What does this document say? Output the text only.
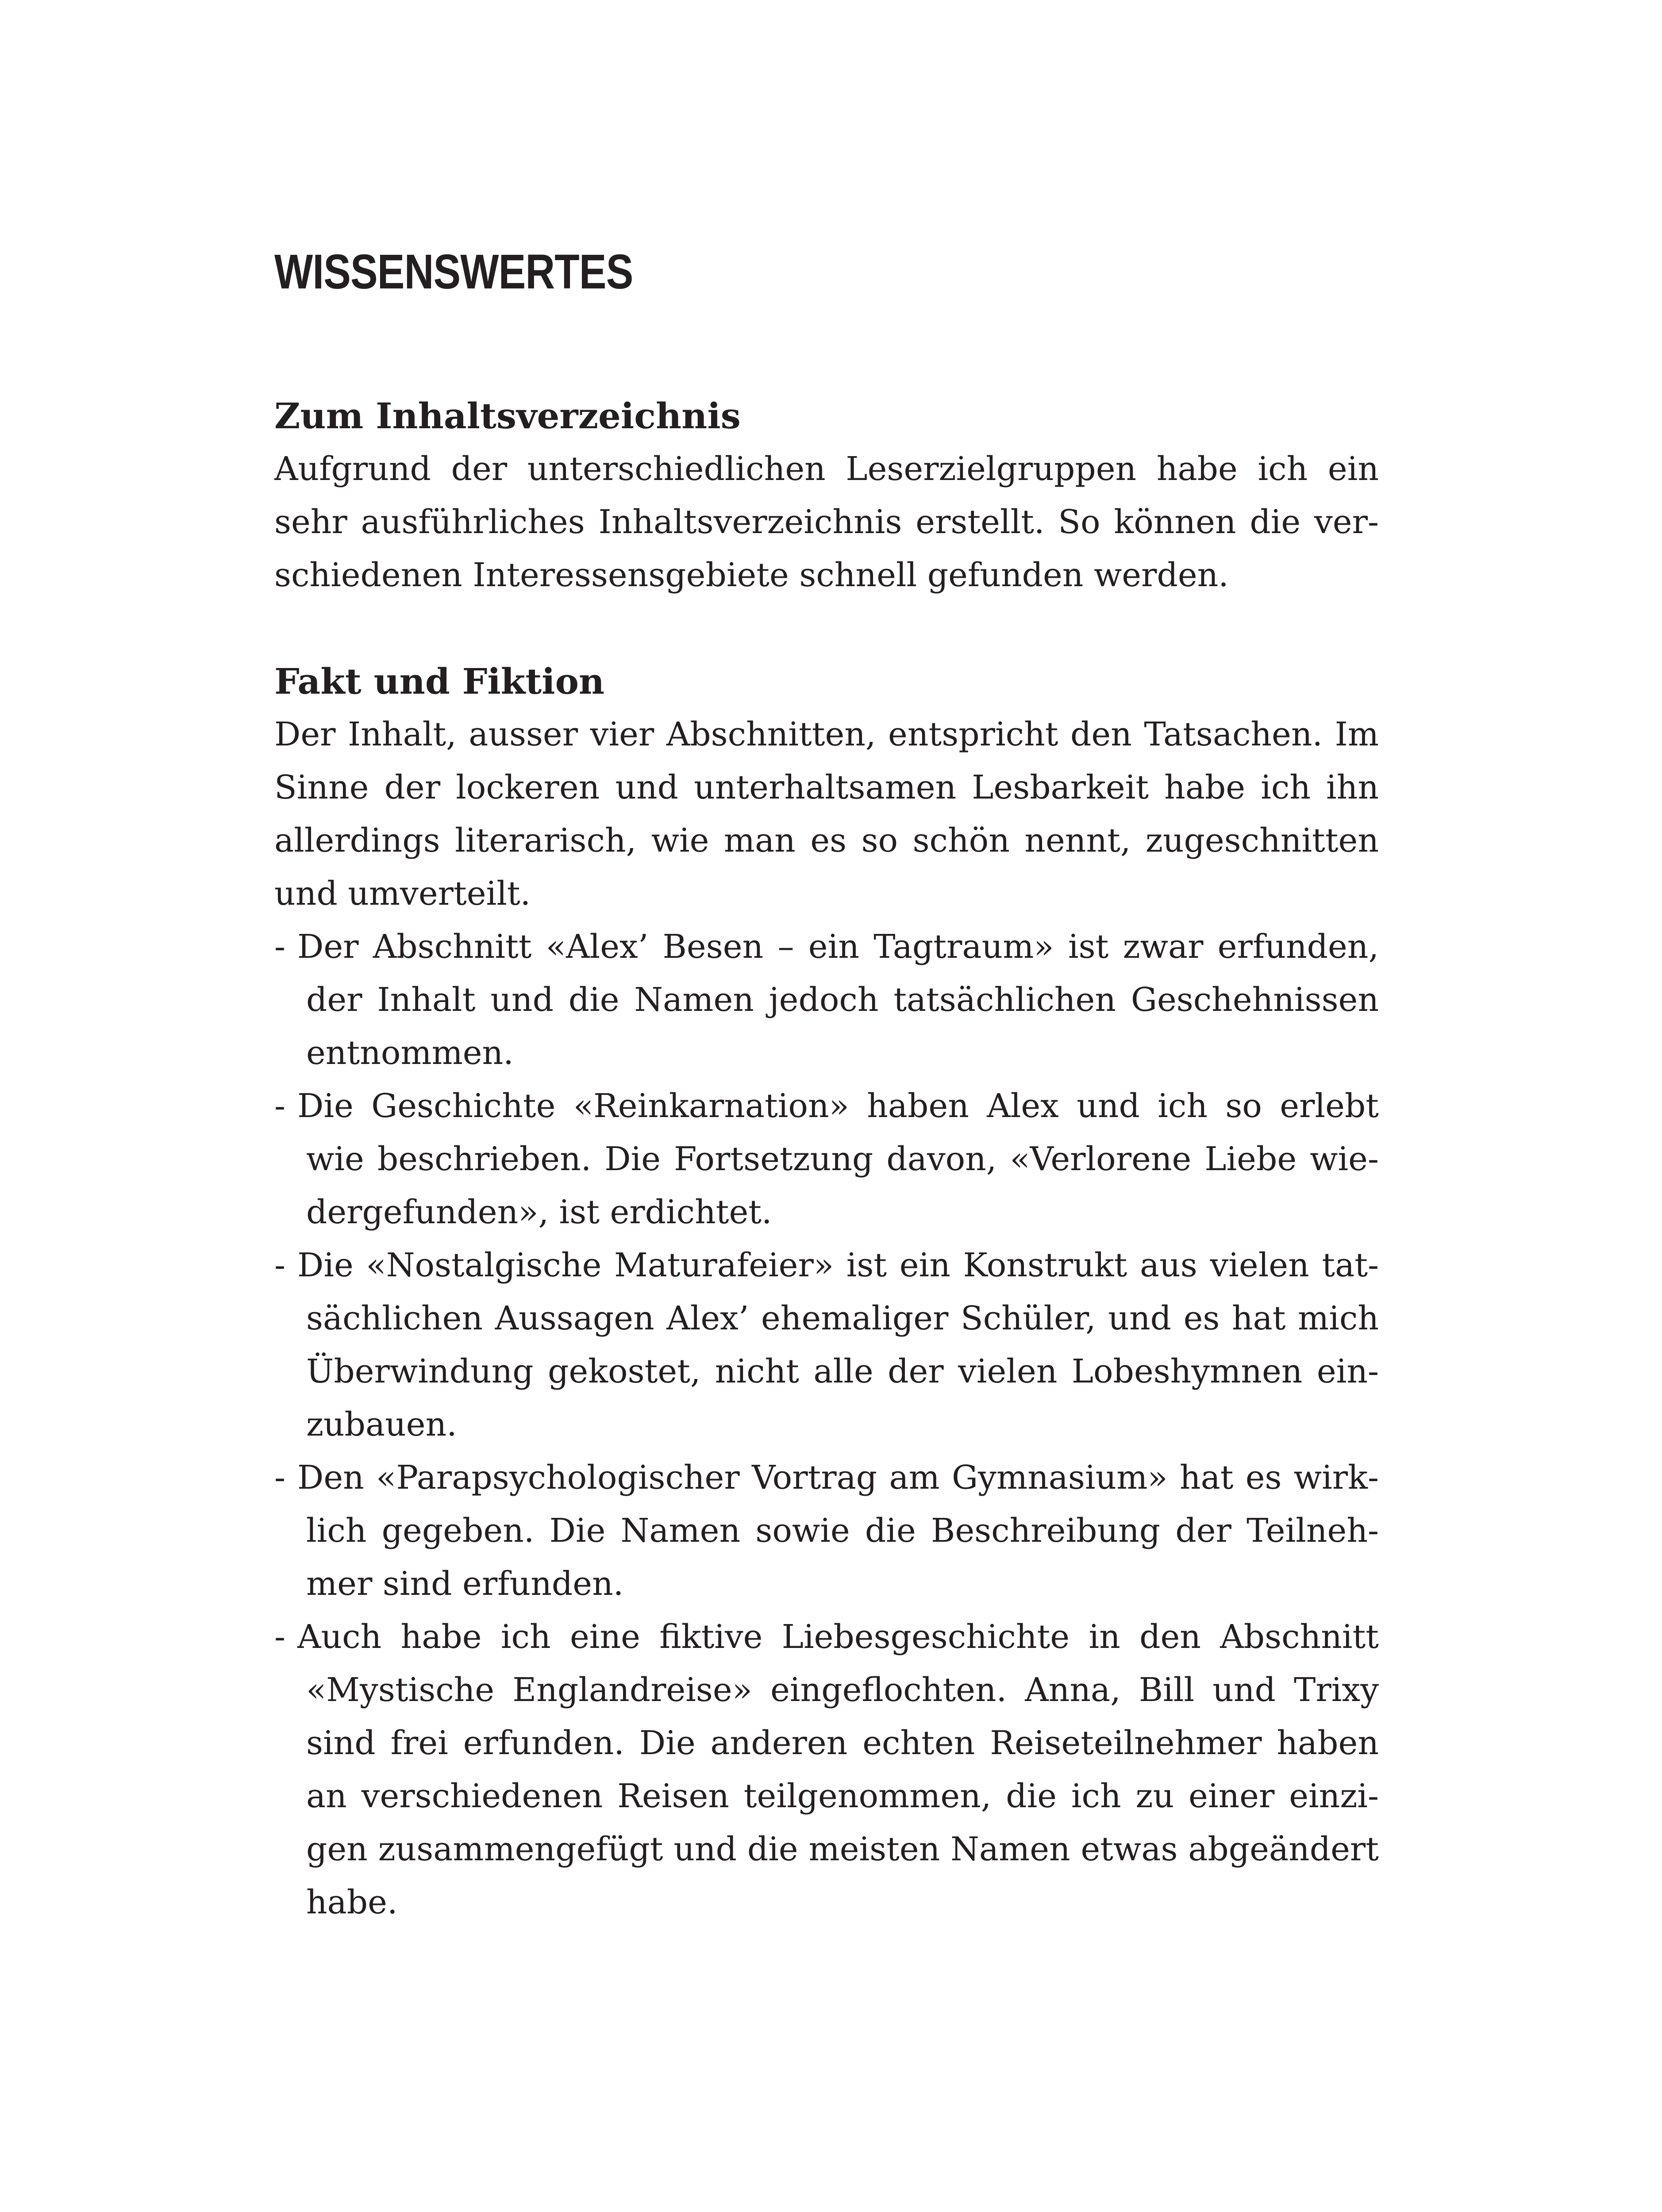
WISSENSWERTES
Zum Inhaltsverzeichnis

Aufgrund der unterschiedlichen Leserzielgruppen habe ich ein sehr ausführliches Inhaltsverzeichnis erstellt. So können die verschiedenen Interessensgebiete schnell gefunden werden.

Fakt und Fiktion

Der Inhalt, ausser vier Abschnitten, entspricht den Tatsachen. Im Sinne der lockeren und unterhaltsamen Lesbarkeit habe ich ihn allerdings literarisch, wie man es so schön nennt, zugeschnitten und umverteilt.

- Der Abschnitt «Alex’ Besen – ein Tagtraum» ist zwar erfunden, der Inhalt und die Namen jedoch tatsächlichen Geschehnissen entnommen.
- Die Geschichte «Reinkarnation» haben Alex und ich so erlebt wie beschrieben. Die Fortsetzung davon, «Verlorene Liebe wiedergefunden», ist erdichtet.
- Die «Nostalgische Maturafeier» ist ein Konstrukt aus vielen tatsächlichen Aussagen Alex’ ehemaliger Schüler, und es hat mich Überwindung gekostet, nicht alle der vielen Lobeshymnen einzubauen.
- Den «Parapsychologischer Vortrag am Gymnasium» hat es wirklich gegeben. Die Namen sowie die Beschreibung der Teilnehmer sind erfunden.
- Auch habe ich eine fiktive Liebesgeschichte in den Abschnitt «Mystische Englandreise» eingeflochten. Anna, Bill und Trixy sind frei erfunden. Die anderen echten Reiseteilnehmer haben an verschiedenen Reisen teilgenommen, die ich zu einer einzigen zusammengefügt und die meisten Namen etwas abgeändert habe.
